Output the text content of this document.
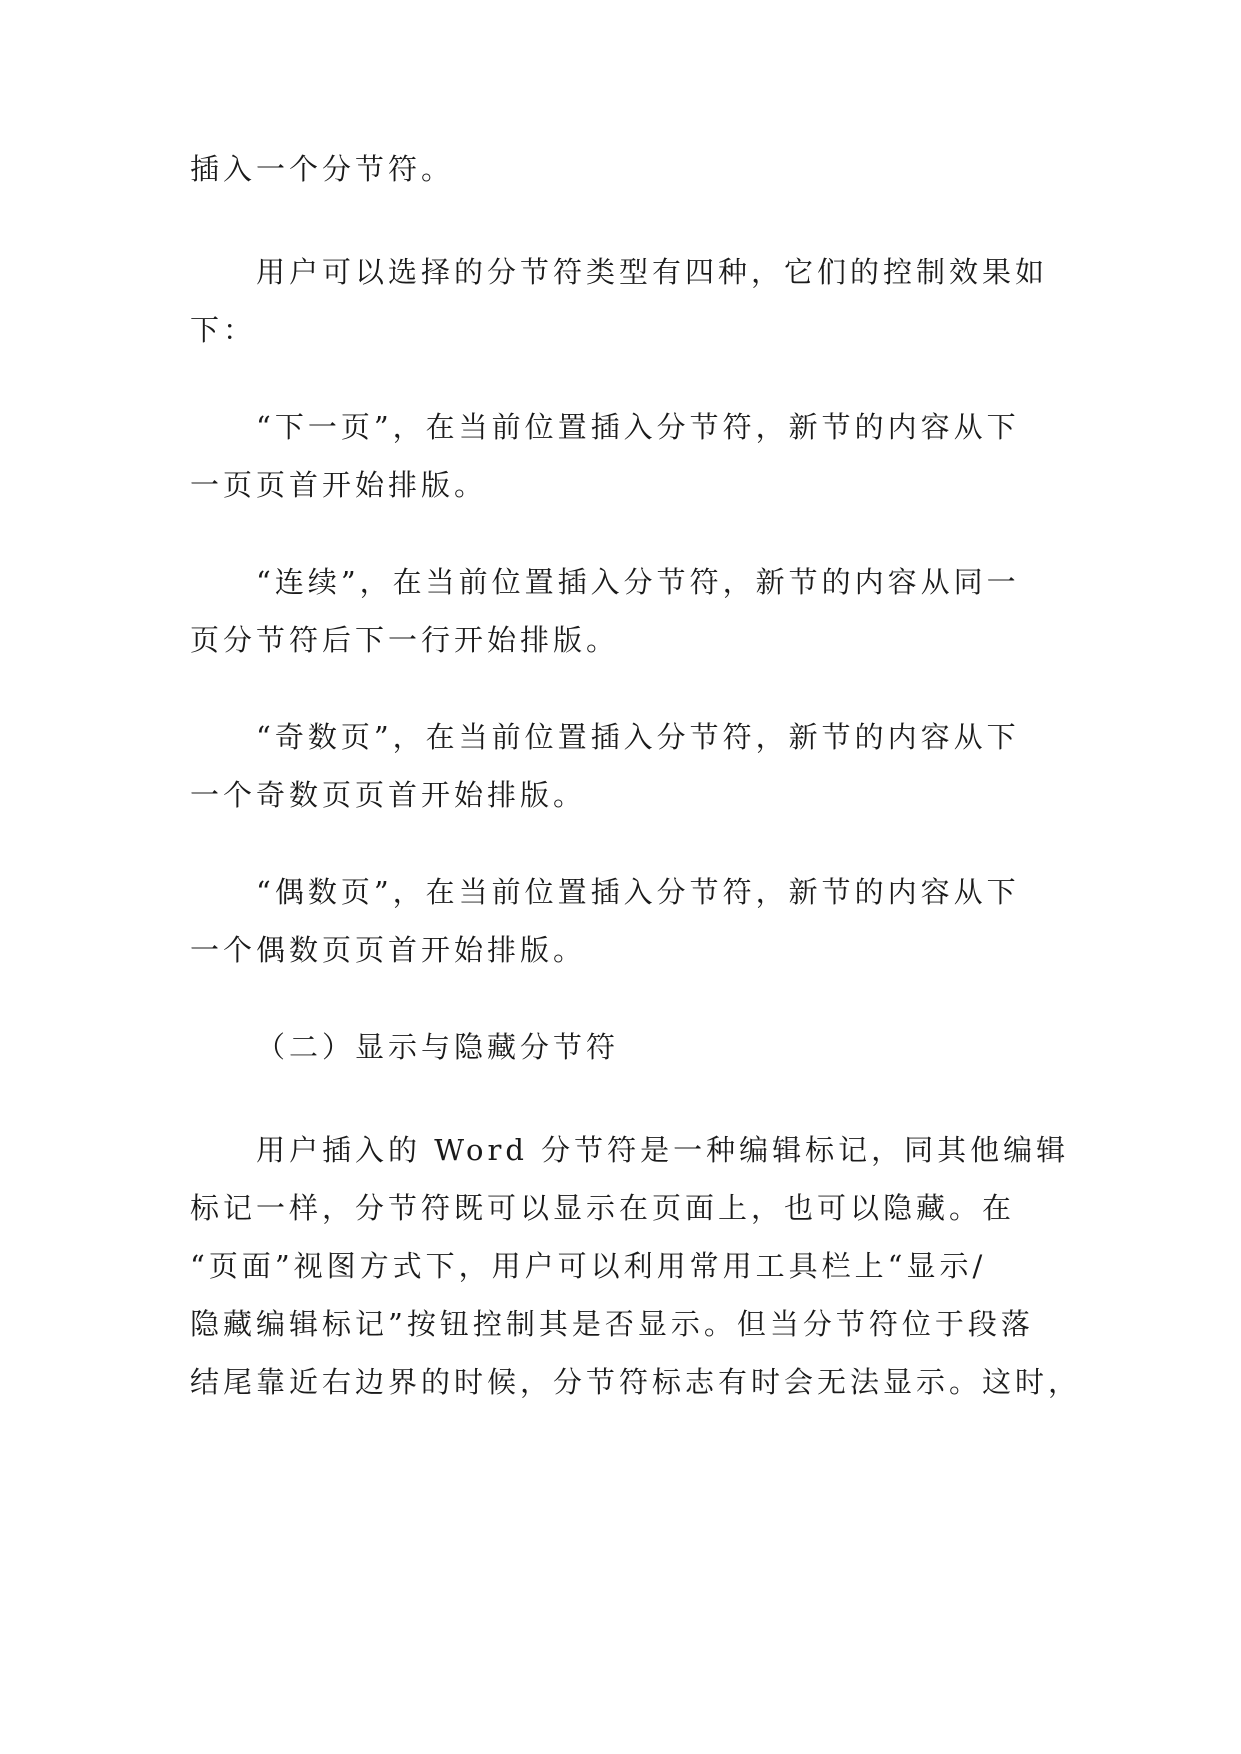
插入一个分节符。
用户可以选择的分节符类型有四种，它们的控制效果如
下：
“下一页”，在当前位置插入分节符，新节的内容从下
一页页首开始排版。
“连续”，在当前位置插入分节符，新节的内容从同一
页分节符后下一行开始排版。
“奇数页”，在当前位置插入分节符，新节的内容从下
一个奇数页页首开始排版。
“偶数页”，在当前位置插入分节符，新节的内容从下
一个偶数页页首开始排版。
（二）显示与隐藏分节符
用户插入的 Word 分节符是一种编辑标记，同其他编辑
标记一样，分节符既可以显示在页面上，也可以隐藏。在
“页面”视图方式下，用户可以利用常用工具栏上“显示/
隐藏编辑标记”按钮控制其是否显示。但当分节符位于段落
结尾靠近右边界的时候，分节符标志有时会无法显示。这时，
